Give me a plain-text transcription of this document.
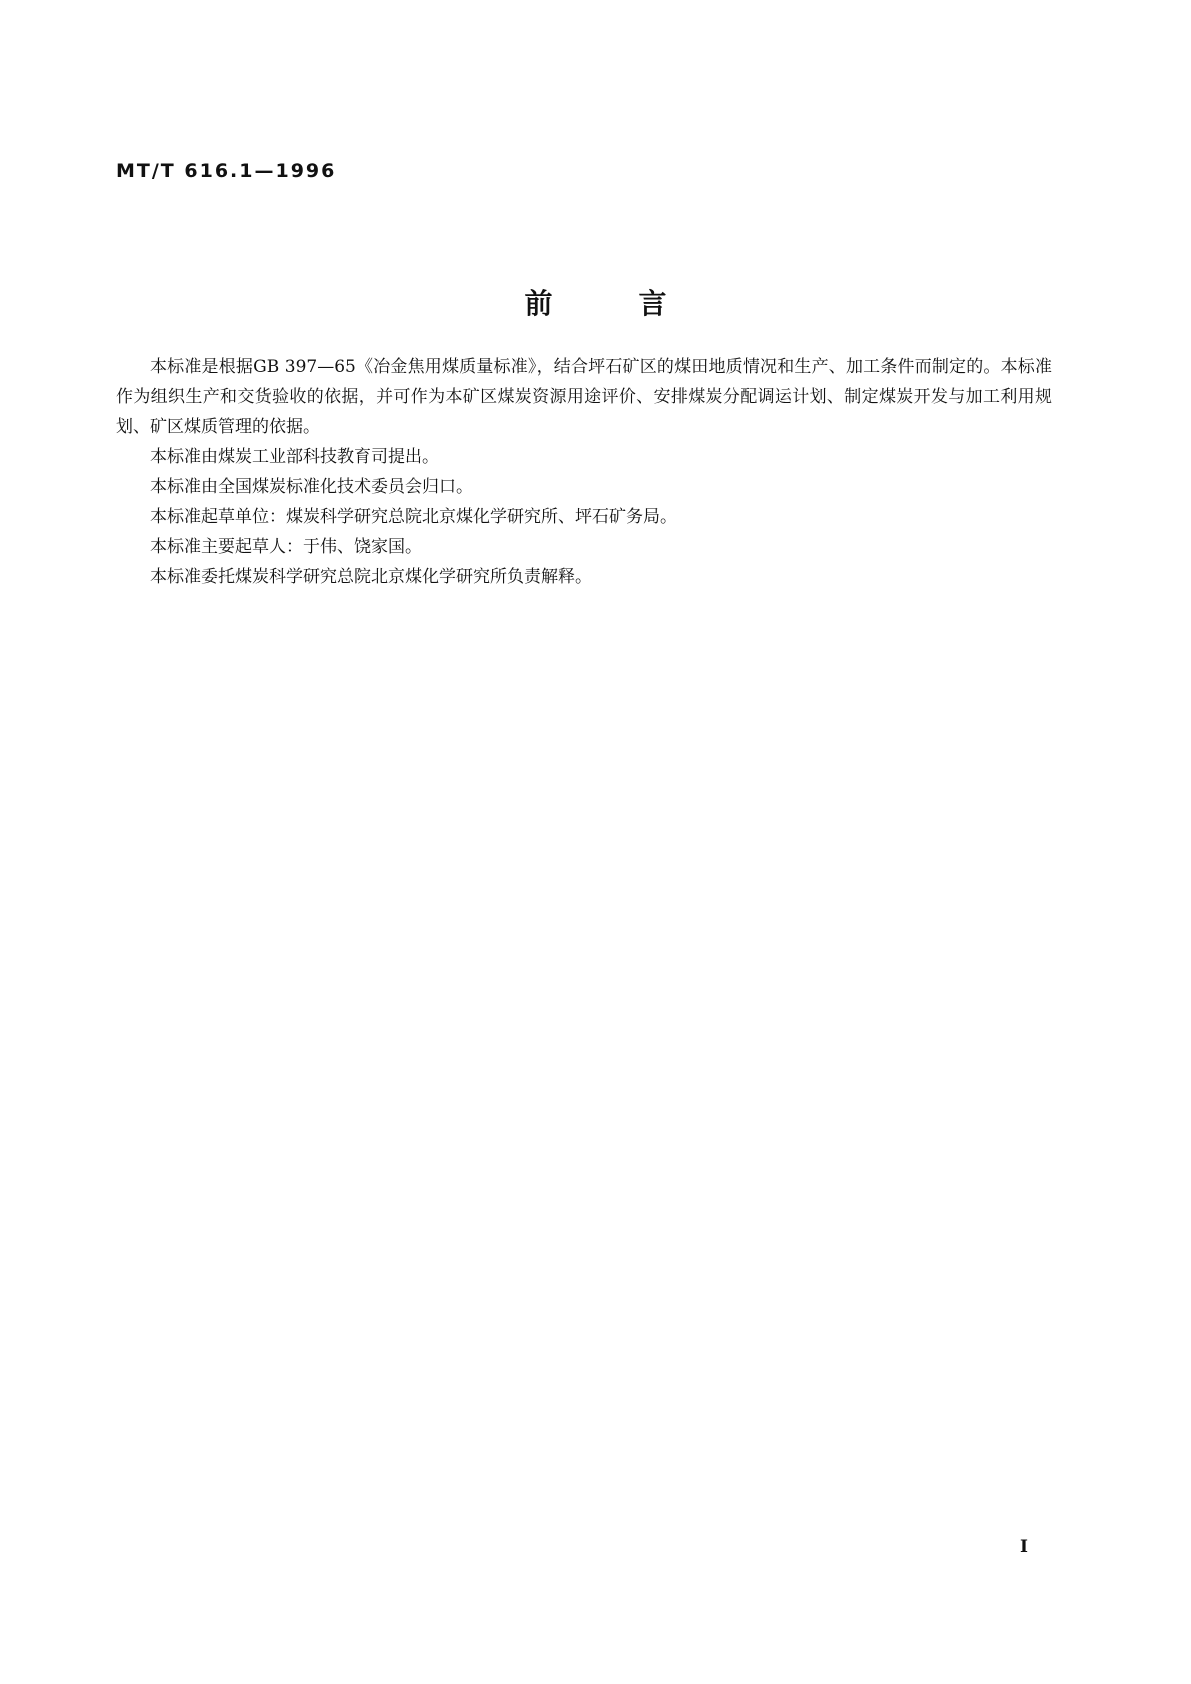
MT/T 616.1—1996
前言

本标准是根据GB 397—65《冶金焦用煤质量标准》，结合坪石矿区的煤田地质情况和生产、加工条件而制定的。本标准作为组织生产和交货验收的依据，并可作为本矿区煤炭资源用途评价、安排煤炭分配调运计划、制定煤炭开发与加工利用规划、矿区煤质管理的依据。

本标准由煤炭工业部科技教育司提出。

本标准由全国煤炭标准化技术委员会归口。

本标准起草单位：煤炭科学研究总院北京煤化学研究所、坪石矿务局。

本标准主要起草人：于伟、饶家国。

本标准委托煤炭科学研究总院北京煤化学研究所负责解释。

I
